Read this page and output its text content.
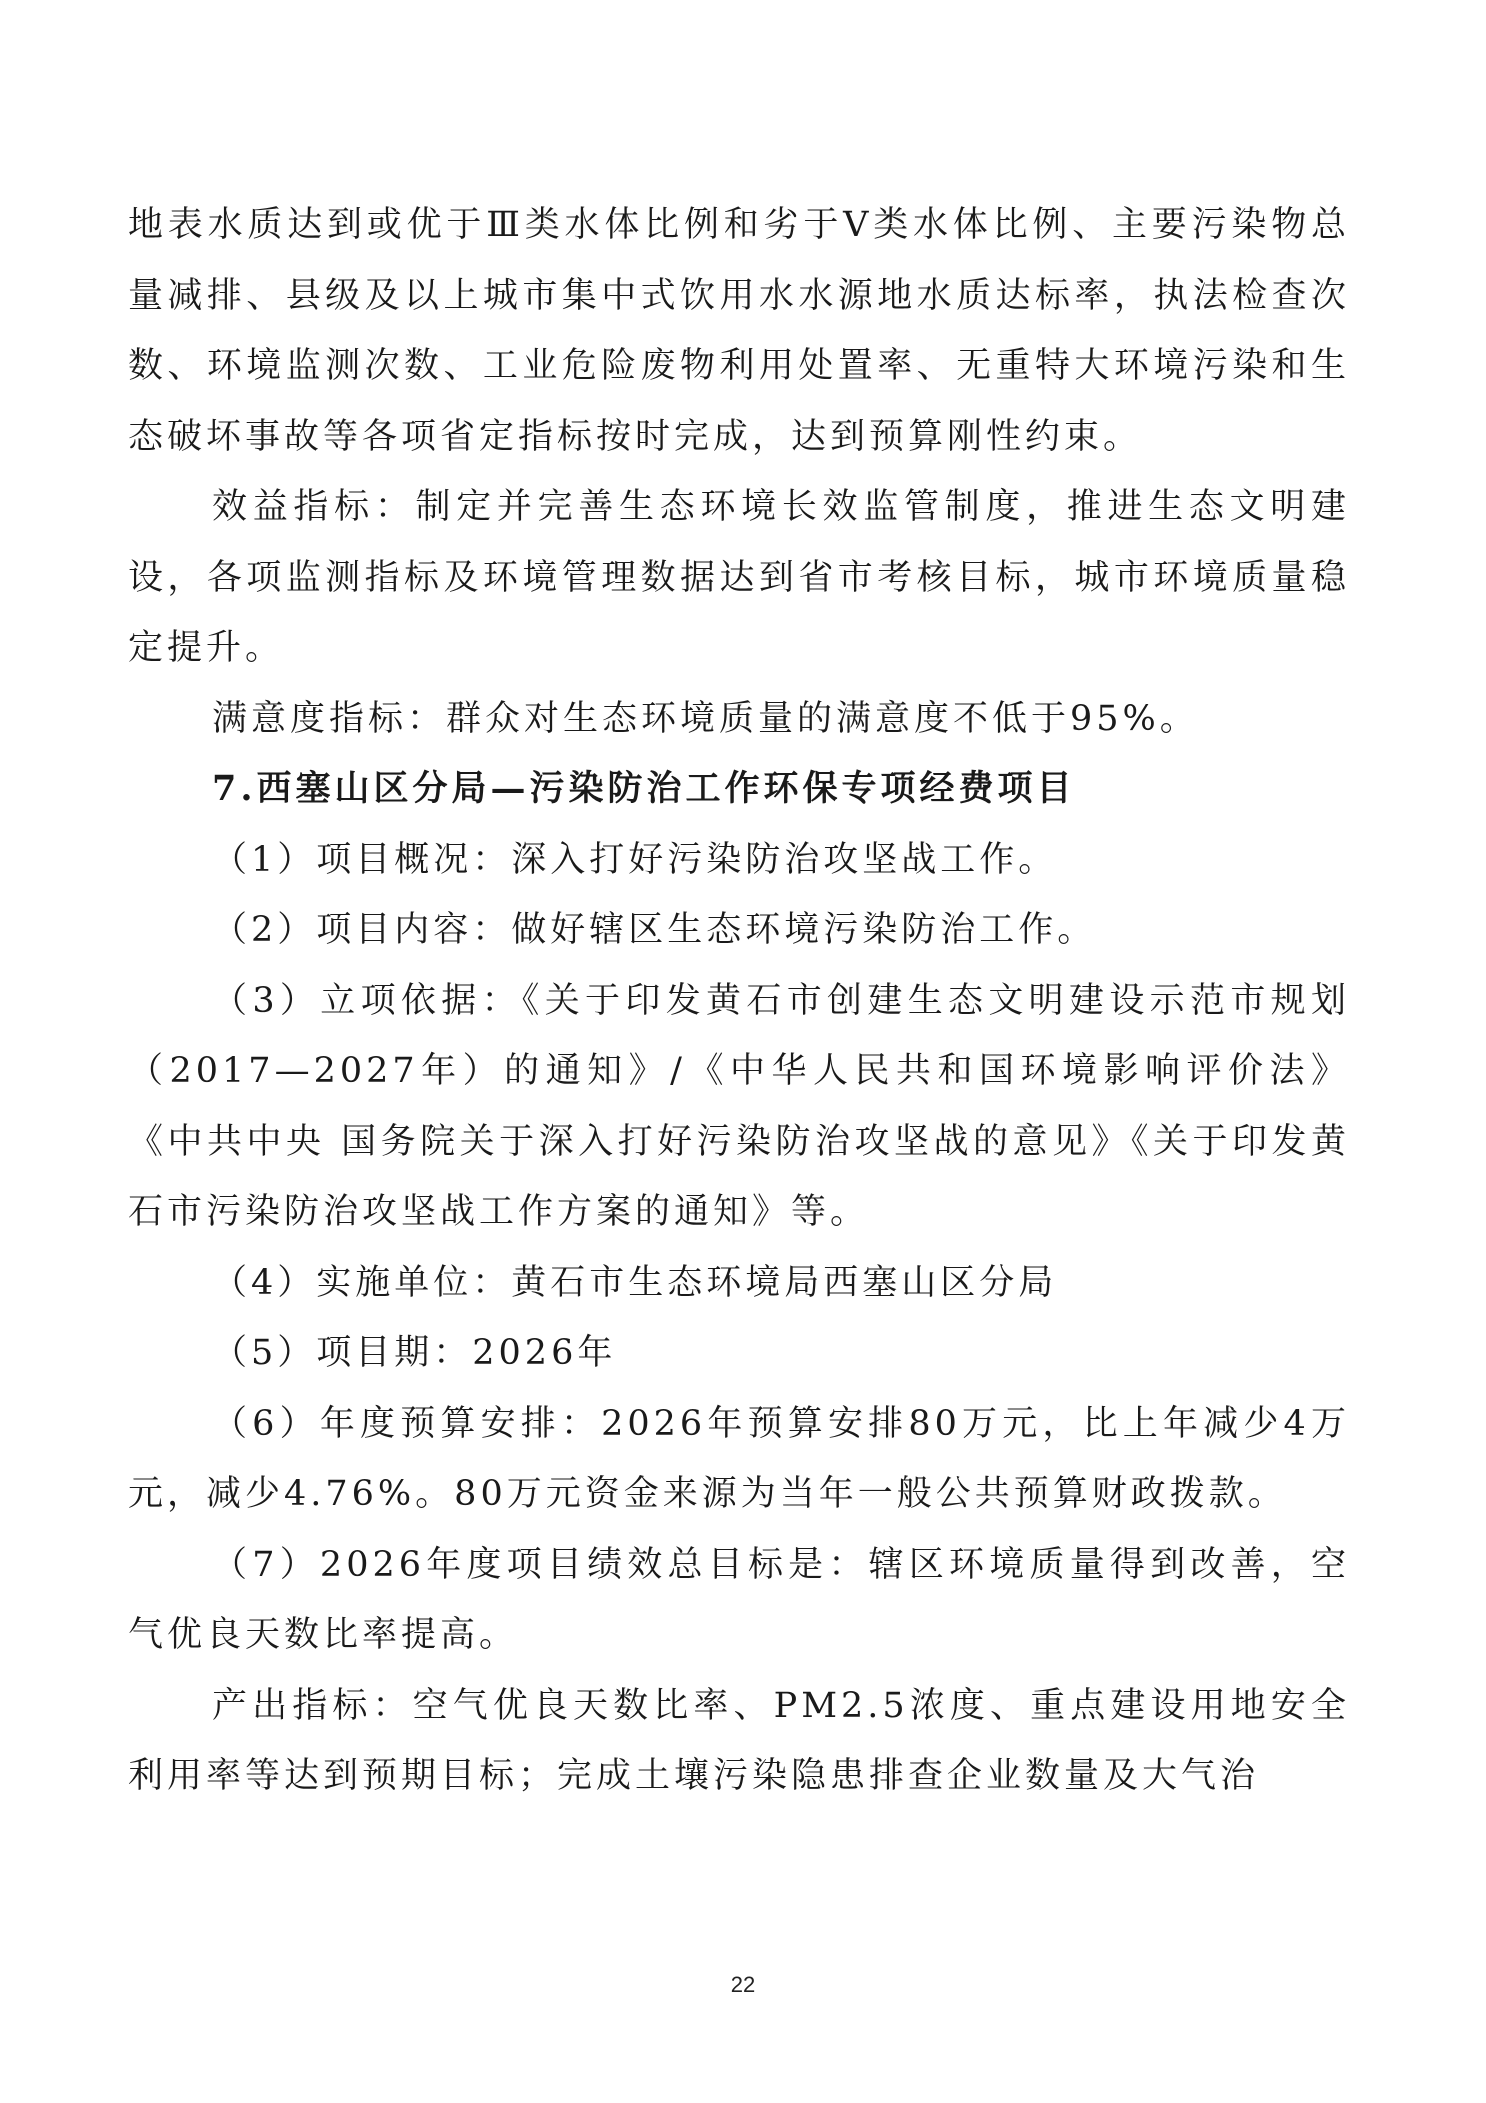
地表水质达到或优于Ⅲ类水体比例和劣于Ⅴ类水体比例、主要污染物总量减排、县级及以上城市集中式饮用水水源地水质达标率，执法检查次数、环境监测次数、工业危险废物利用处置率、无重特大环境污染和生态破坏事故等各项省定指标按时完成，达到预算刚性约束。

效益指标：制定并完善生态环境长效监管制度，推进生态文明建设，各项监测指标及环境管理数据达到省市考核目标，城市环境质量稳定提升。

满意度指标：群众对生态环境质量的满意度不低于95%。

7.西塞山区分局—污染防治工作环保专项经费项目

（1）项目概况：深入打好污染防治攻坚战工作。

（2）项目内容：做好辖区生态环境污染防治工作。

（3）立项依据：《关于印发黄石市创建生态文明建设示范市规划（2017—2027年）的通知》/《中华人民共和国环境影响评价法》《中共中央 国务院关于深入打好污染防治攻坚战的意见》《关于印发黄石市污染防治攻坚战工作方案的通知》等。

（4）实施单位：黄石市生态环境局西塞山区分局

（5）项目期：2026年

（6）年度预算安排：2026年预算安排80万元，比上年减少4万元，减少4.76%。80万元资金来源为当年一般公共预算财政拨款。

（7）2026年度项目绩效总目标是：辖区环境质量得到改善，空气优良天数比率提高。

产出指标：空气优良天数比率、PM2.5浓度、重点建设用地安全利用率等达到预期目标；完成土壤污染隐患排查企业数量及大气治

22
